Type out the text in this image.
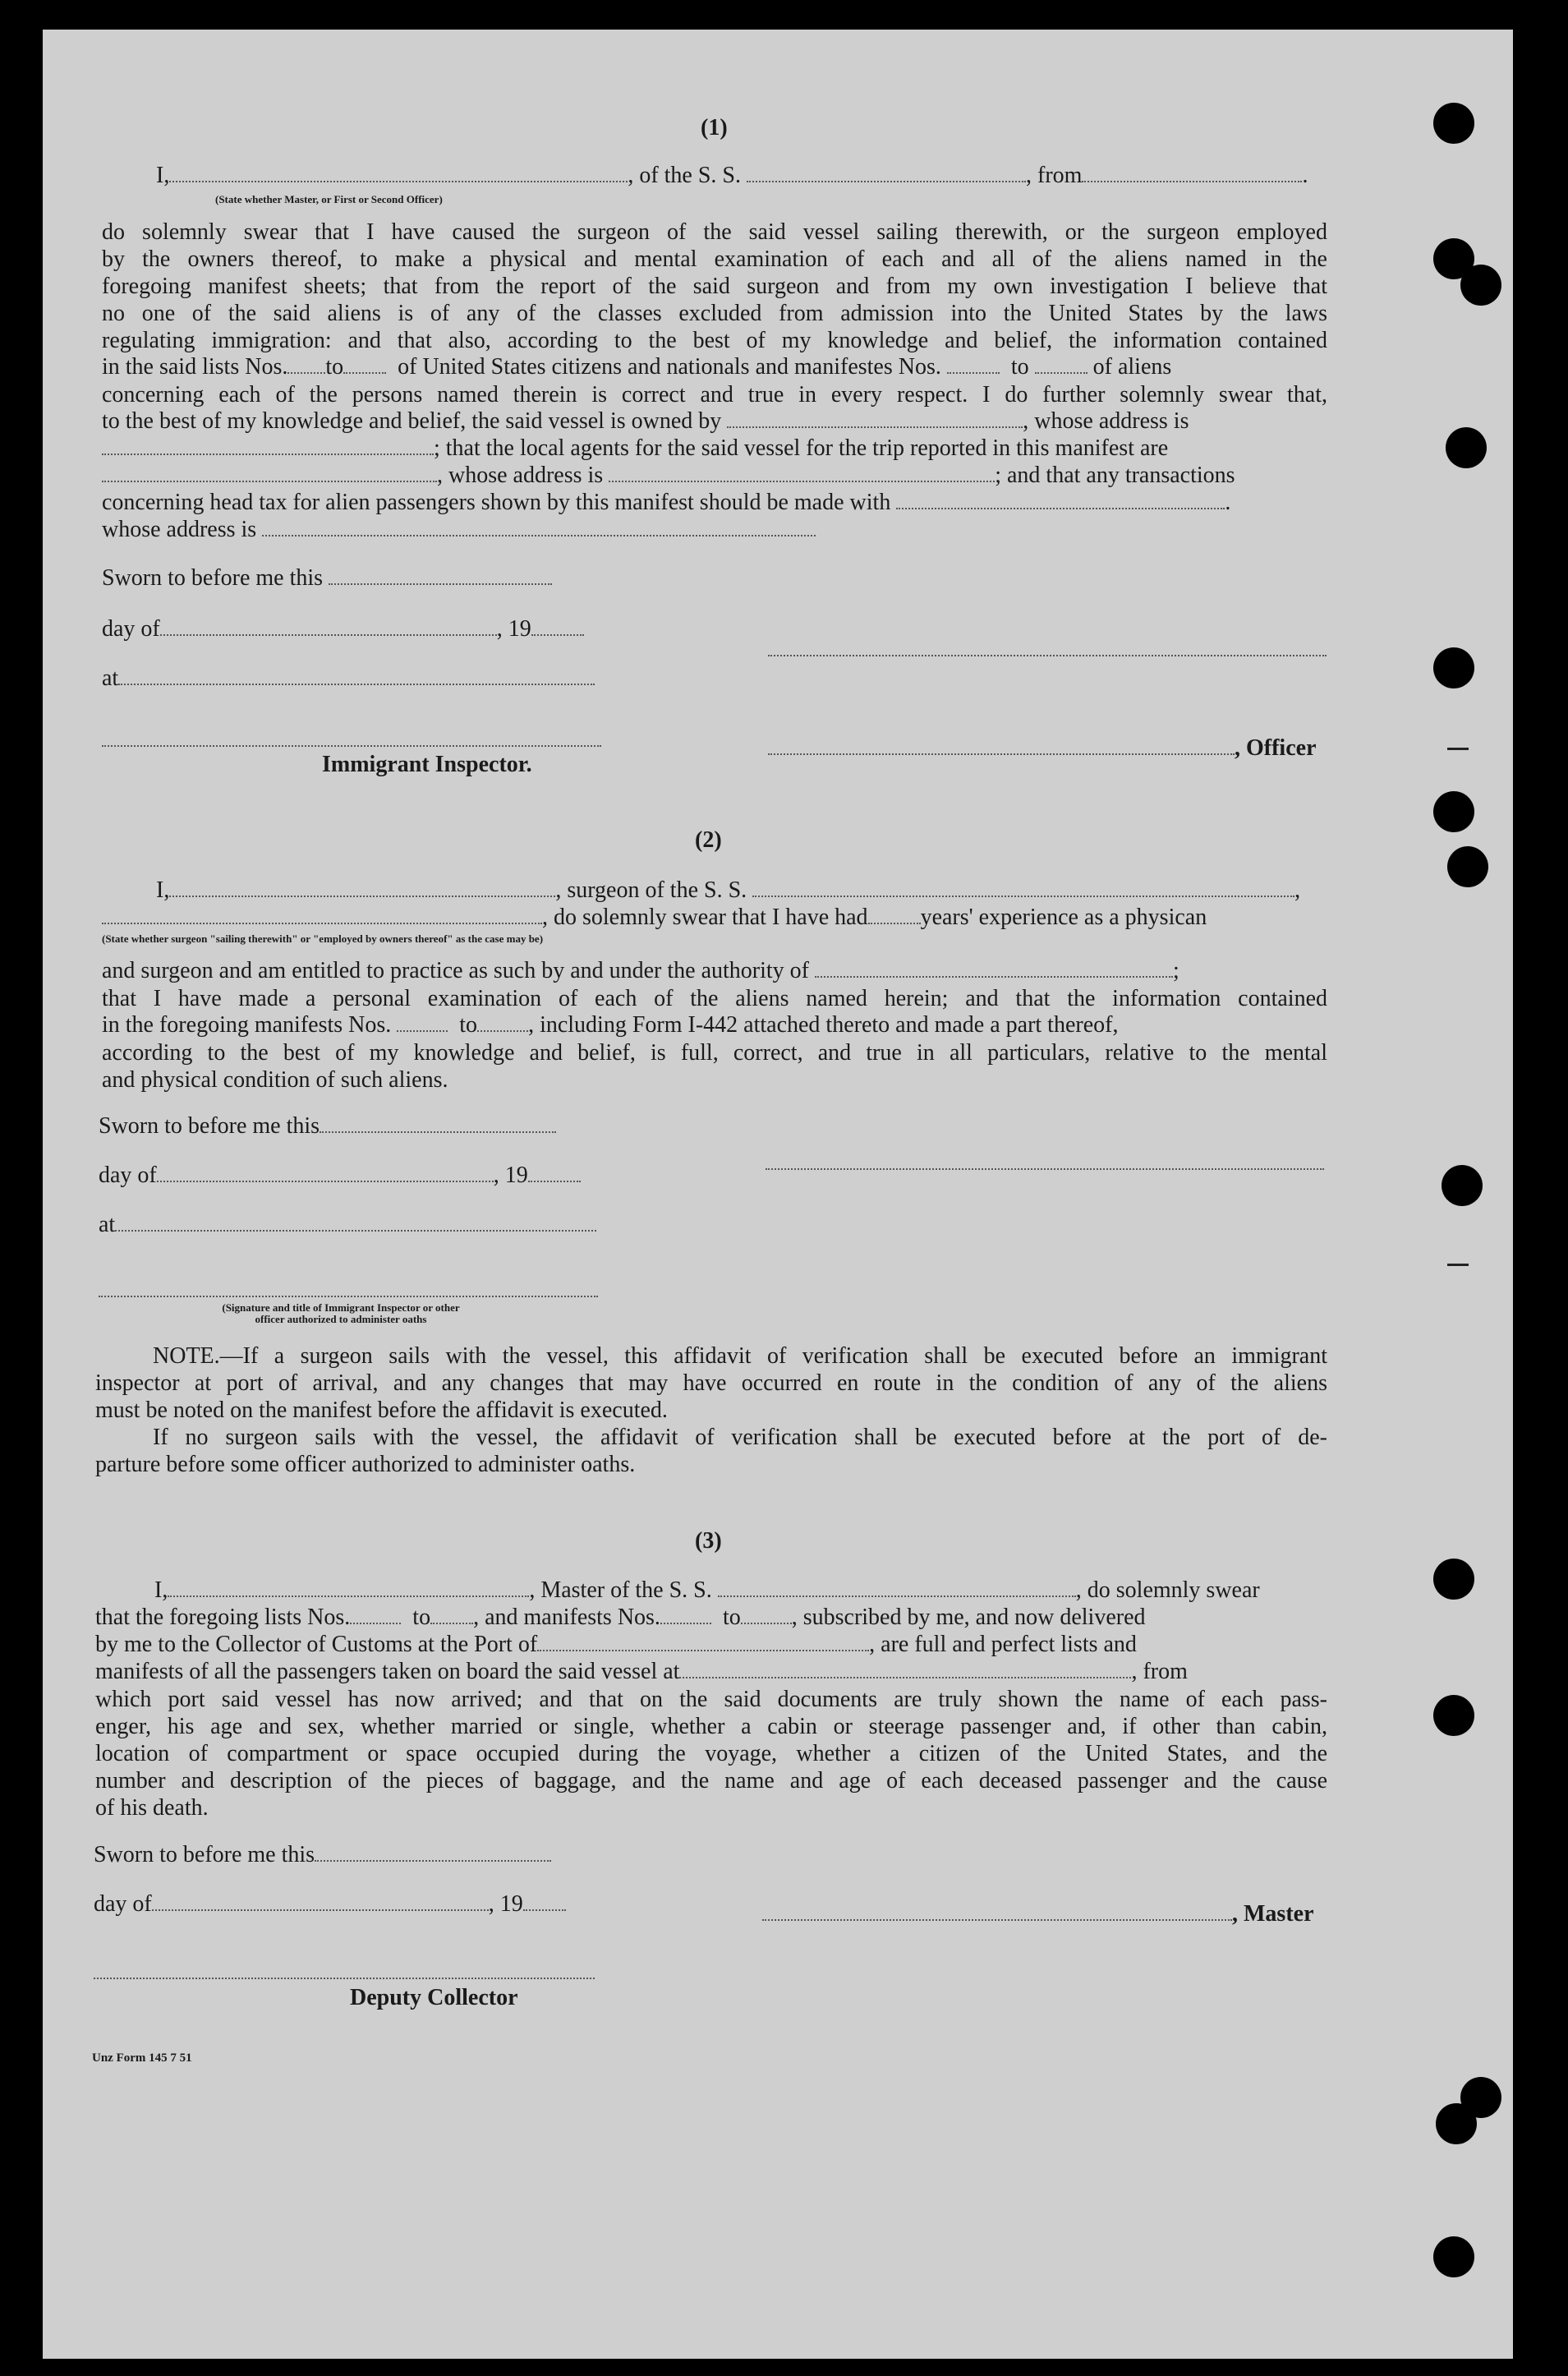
(1)
I,	, of the S. S.	, from	.
(State whether Master, or First or Second Officer)
do solemnly swear that I have caused the surgeon of the said vessel sailing therewith, or the surgeon employed
by the owners thereof, to make a physical and mental examination of each and all of the aliens named in the
foregoing manifest sheets; that from the report of the said surgeon and from my own investigation I believe that
no one of the said aliens is of any of the classes excluded from admission into the United States by the laws
regulating immigration: and that also, according to the best of my knowledge and belief, the information contained
in the said lists Nos. to of United States citizens and nationals and manifestes Nos.	to	of aliens
concerning each of the persons named therein is correct and true in every respect. I do further solemnly swear that,
to the best of my knowledge and belief, the said vessel is owned by	, whose address is
; that the local agents for the said vessel for the trip reported in this manifest are
, whose address is	; and that any transactions
concerning head tax for alien passengers shown by this manifest should be made with	.
whose address is
Sworn to before me this
day of	, 19
at
Immigrant Inspector.
, Officer
(2)
I,	, surgeon of the S. S.	,
, do solemnly swear that I have had years' experience as a physican
(State whether surgeon "sailing therewith" or "employed by owners thereof" as the case may be)
and surgeon and am entitled to practice as such by and under the authority of	;
that I have made a personal examination of each of the aliens named herein; and that the information contained
in the foregoing manifests Nos.	to , including Form I-442 attached thereto and made a part thereof,
according to the best of my knowledge and belief, is full, correct, and true in all particulars, relative to the mental
and physical condition of such aliens.
Sworn to before me this
day of	, 19
at
(Signature and title of Immigrant Inspector or other
officer authorized to administer oaths
NOTE.—If a surgeon sails with the vessel, this affidavit of verification shall be executed before an immigrant
inspector at port of arrival, and any changes that may have occurred en route in the condition of any of the aliens
must be noted on the manifest before the affidavit is executed.
If no surgeon sails with the vessel, the affidavit of verification shall be executed before at the port of de-
parture before some officer authorized to administer oaths.
(3)
I,	, Master of the S. S.	, do solemnly swear
that the foregoing lists Nos.	to , and manifests Nos.	to , subscribed by me, and now delivered
by me to the Collector of Customs at the Port of	, are full and perfect lists and
manifests of all the passengers taken on board the said vessel at	, from
which port said vessel has now arrived; and that on the said documents are truly shown the name of each pass-
enger, his age and sex, whether married or single, whether a cabin or steerage passenger and, if other than cabin,
location of compartment or space occupied during the voyage, whether a citizen of the United States, and the
number and description of the pieces of baggage, and the name and age of each deceased passenger and the cause
of his death.
Sworn to before me this
day of	, 19	, Master
Deputy Collector
Unz Form 145 7 51
